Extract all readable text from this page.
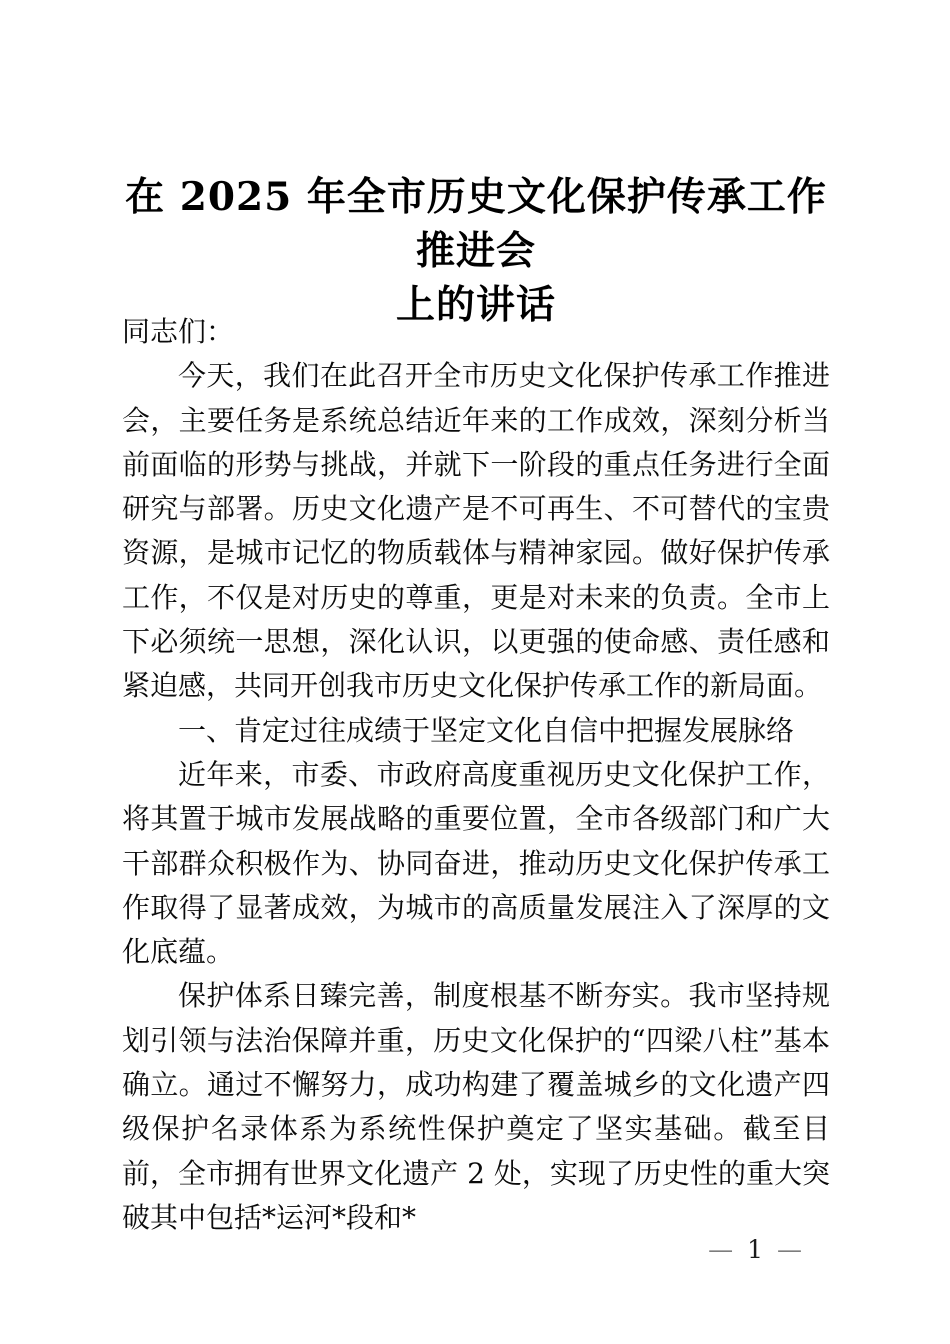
在 2025 年全市历史文化保护传承工作推进会
上的讲话

同志们：

今天，我们在此召开全市历史文化保护传承工作推进会，主要任务是系统总结近年来的工作成效，深刻分析当前面临的形势与挑战，并就下一阶段的重点任务进行全面研究与部署。历史文化遗产是不可再生、不可替代的宝贵资源，是城市记忆的物质载体与精神家园。做好保护传承工作，不仅是对历史的尊重，更是对未来的负责。全市上下必须统一思想，深化认识，以更强的使命感、责任感和紧迫感，共同开创我市历史文化保护传承工作的新局面。

一、肯定过往成绩于坚定文化自信中把握发展脉络

近年来，市委、市政府高度重视历史文化保护工作，将其置于城市发展战略的重要位置，全市各级部门和广大干部群众积极作为、协同奋进，推动历史文化保护传承工作取得了显著成效，为城市的高质量发展注入了深厚的文化底蕴。

保护体系日臻完善，制度根基不断夯实。我市坚持规划引领与法治保障并重，历史文化保护的“四梁八柱”基本确立。通过不懈努力，成功构建了覆盖城乡的文化遗产四级保护名录体系为系统性保护奠定了坚实基础。截至目前，全市拥有世界文化遗产 2 处，实现了历史性的重大突破其中包括*运河*段和*

— 1 —
